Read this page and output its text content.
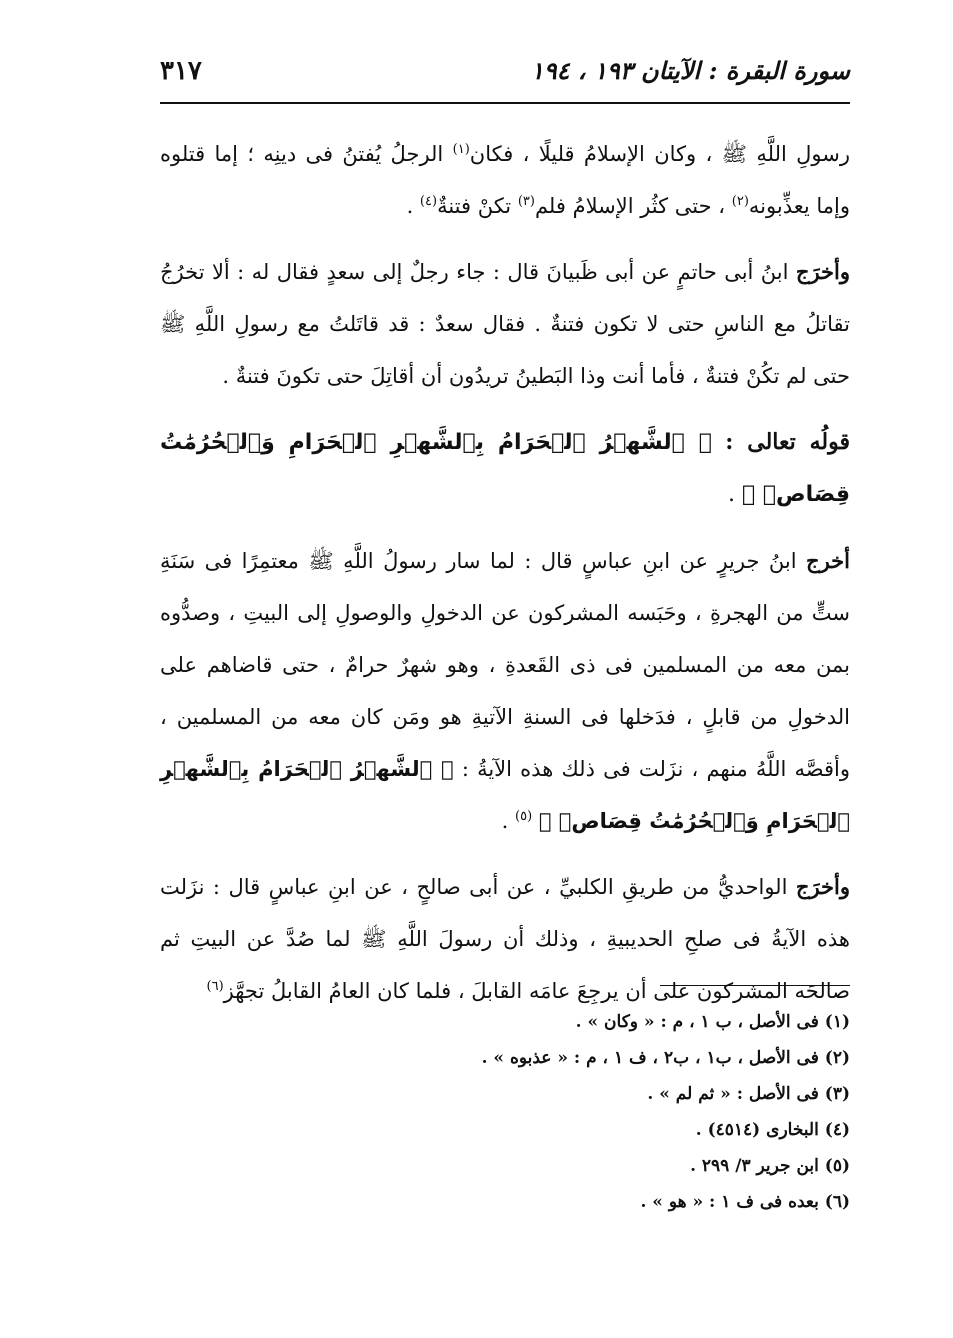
٣١٧	سورة البقرة : الآيتان ١٩٣ ، ١٩٤

رسولِ اللَّهِ ﷺ ، وكان الإسلامُ قليلًا ، فكان$^{(١)}$ الرجلُ يُفتنُ فى دينِه ؛ إما قتلوه وإما يعذِّبونه$^{(٢)}$ ، حتى كثُر الإسلامُ فلم$^{(٣)}$ تكنْ فتنةٌ$^{(٤)}$ .

وأخرَج ابنُ أبى حاتمٍ عن أبى ظَبيانَ قال : جاء رجلٌ إلى سعدٍ فقال له : ألا تخرُجُ تقاتلُ مع الناسِ حتى لا تكون فتنةٌ . فقال سعدٌ : قد قاتَلتُ مع رسولِ اللَّهِ ﷺ حتى لم تكُنْ فتنةٌ ، فأما أنت وذا البَطينُ تريدُون أن أقاتِلَ حتى تكونَ فتنةٌ .

قولُه تعالى : ﴿ ٱلشَّهۡرُ ٱلۡحَرَامُ بِٱلشَّهۡرِ ٱلۡحَرَامِ وَٱلۡحُرُمَٰتُ قِصَاصٞ ﴾ .

أخرج ابنُ جريرٍ عن ابنِ عباسٍ قال : لما سار رسولُ اللَّهِ ﷺ معتمِرًا فى سَنَةِ ستٍّ من الهجرةِ ، وحَبَسه المشركون عن الدخولِ والوصولِ إلى البيتِ ، وصدُّوه بمن معه من المسلمين فى ذى القَعدةِ ، وهو شهرٌ حرامٌ ، حتى قاضاهم على الدخولِ من قابلٍ ، فدَخلها فى السنةِ الآتيةِ هو ومَن كان معه من المسلمين ، وأقصَّه اللَّهُ منهم ، نزَلت فى ذلك هذه الآيةُ : ﴿ ٱلشَّهۡرُ ٱلۡحَرَامُ بِٱلشَّهۡرِ ٱلۡحَرَامِ وَٱلۡحُرُمَٰتُ قِصَاصٞ ﴾ $^{(٥)}$ .

وأخرَج الواحديُّ من طريقِ الكلبيِّ ، عن أبى صالحٍ ، عن ابنِ عباسٍ قال : نزَلت هذه الآيةُ فى صلحِ الحديبيةِ ، وذلك أن رسولَ اللَّهِ ﷺ لما صُدَّ عن البيتِ ثم صالحَه المشركون على أن يرجِعَ عامَه القابلَ ، فلما كان العامُ القابلُ تجهَّز$^{(٦)}$

(١) فى الأصل ، ب ١ ، م : « وكان » .
(٢) فى الأصل ، ب١ ، ب٢ ، ف ١ ، م : « عذبوه » .
(٣) فى الأصل : « ثم لم » .
(٤) البخارى (٤٥١٤) .
(٥) ابن جرير ٣/ ٢٩٩ .
(٦) بعده فى ف ١ : « هو » .
